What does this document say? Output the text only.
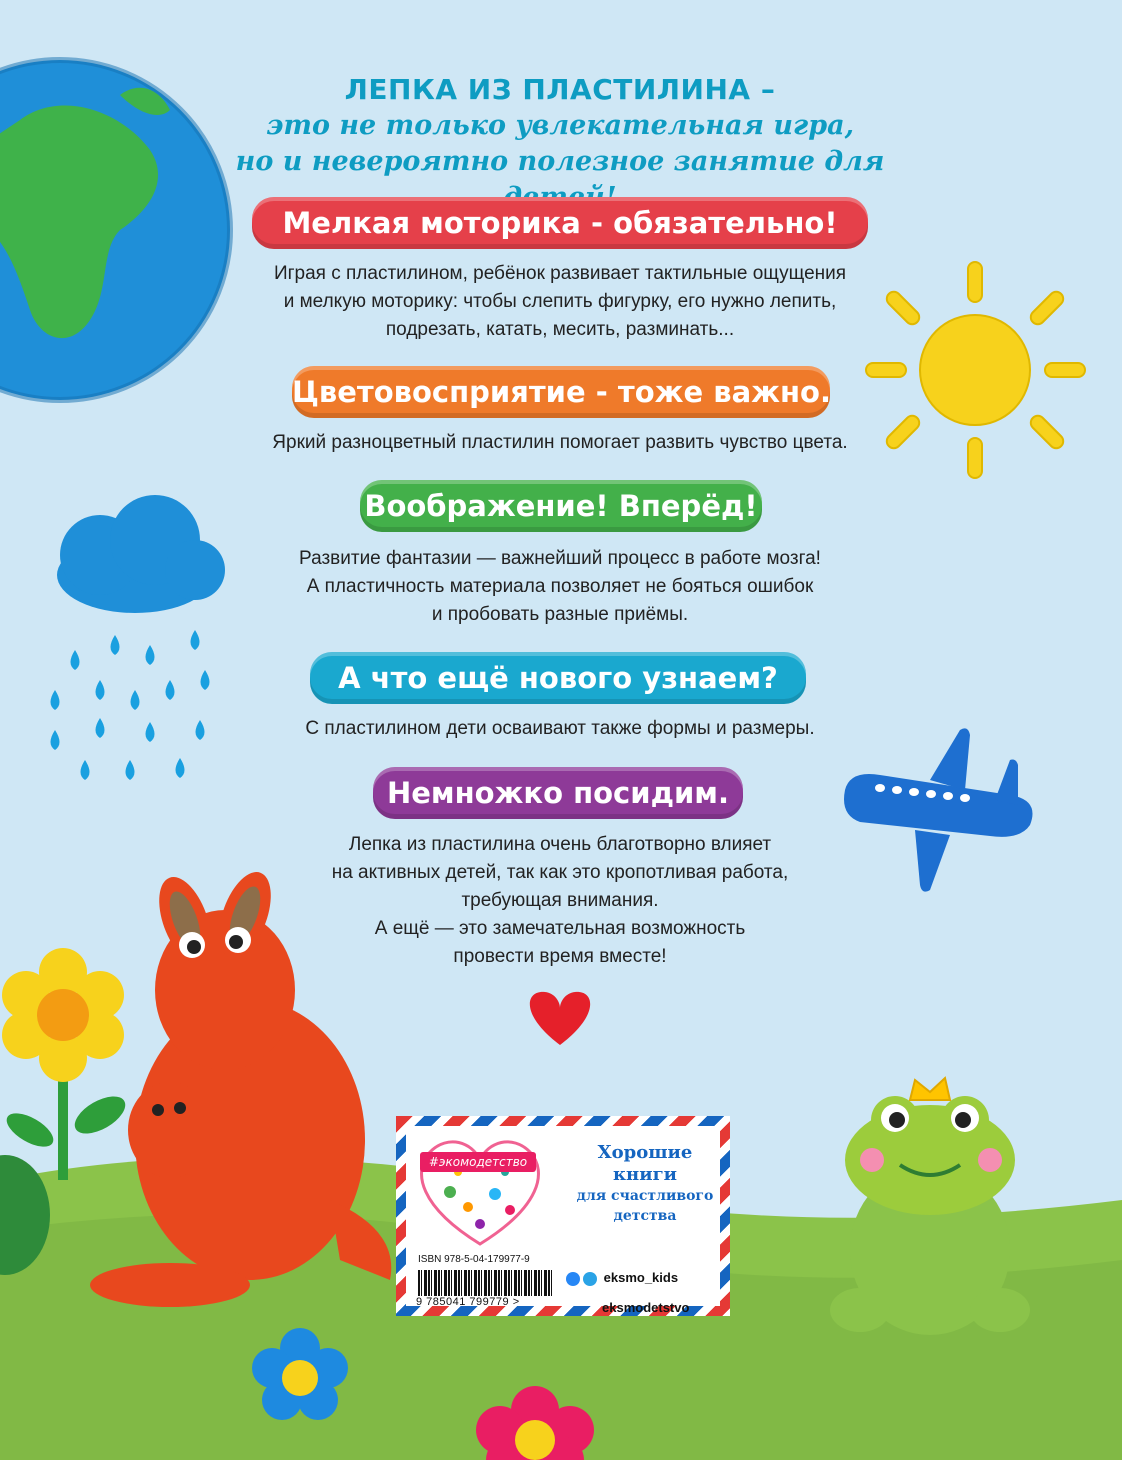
ЛЕПКА ИЗ ПЛАСТИЛИНА –
это не только увлекательная игра,
но и невероятно полезное занятие для
Мелкая моторика - обязательно!
Играя с пластилином, ребёнок развивает тактильные ощущения
и мелкую моторику: чтобы слепить фигурку, его нужно лепить,
подрезать, катать, месить, разминать...
Цветовосприятие - тоже важно.
Яркий разноцветный пластилин помогает развить чувство цвета.
Воображение! Вперёд!
Развитие фантазии — важнейший процесс в работе мозга!
А пластичность материала позволяет не бояться ошибок
и пробовать разные приёмы.
А что ещё нового узнаем?
С пластилином дети осваивают также формы и размеры.
Немножко посидим.
Лепка из пластилина очень благотворно влияет
на активных детей, так как это кропотливая работа,
требующая внимания.
А ещё — это замечательная возможность
провести время вместе!
#экомодетство	Хорошие
книги
для счастливого
детства
ISBN 978-5-04-179977-9
9 785041 799779 >
eksmo_kids
eksmodetstvo
